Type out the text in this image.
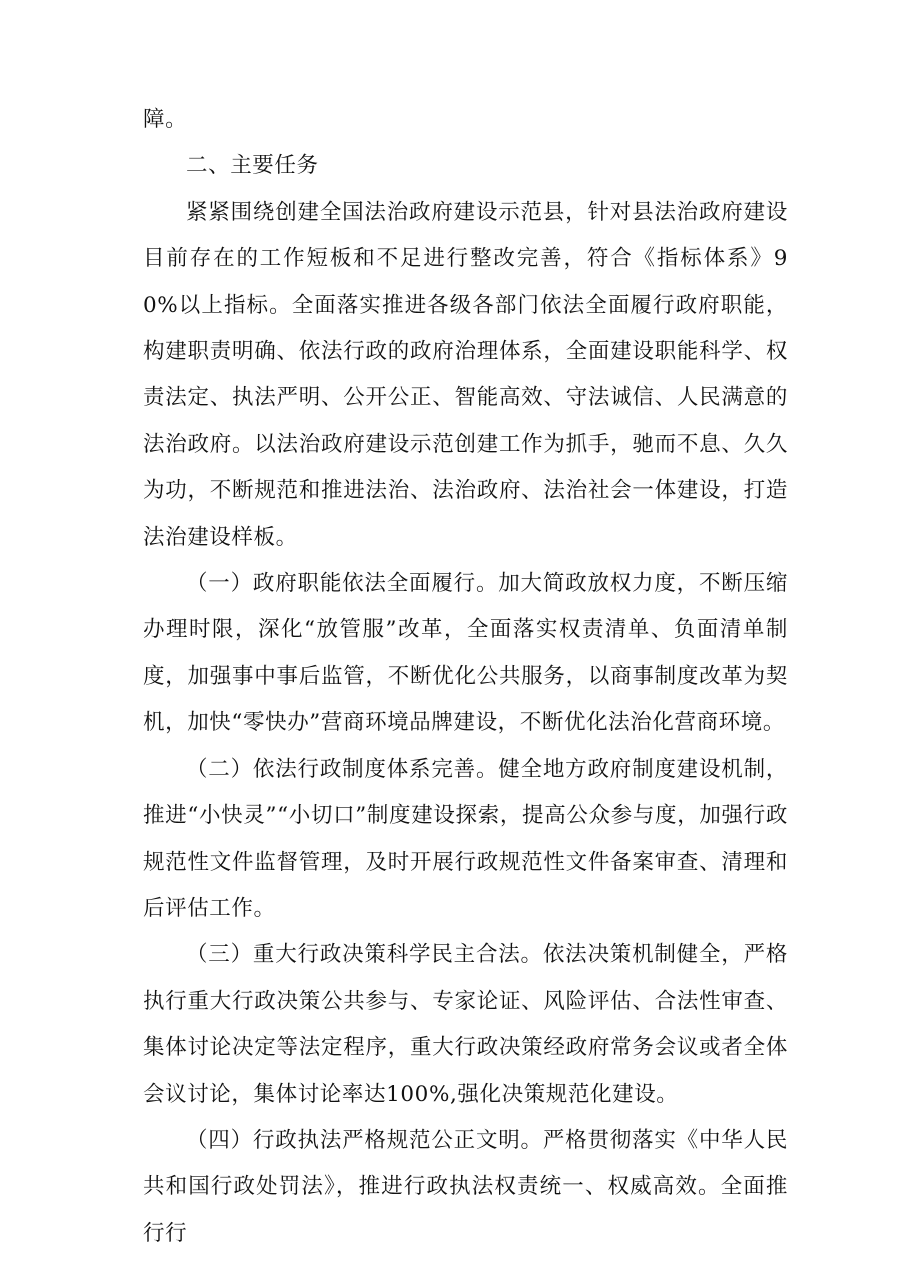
障。

二、主要任务

紧紧围绕创建全国法治政府建设示范县，针对县法治政府建设目前存在的工作短板和不足进行整改完善，符合《指标体系》90%以上指标。全面落实推进各级各部门依法全面履行政府职能，构建职责明确、依法行政的政府治理体系，全面建设职能科学、权责法定、执法严明、公开公正、智能高效、守法诚信、人民满意的法治政府。以法治政府建设示范创建工作为抓手，驰而不息、久久为功，不断规范和推进法治、法治政府、法治社会一体建设，打造法治建设样板。

（一）政府职能依法全面履行。加大简政放权力度，不断压缩办理时限，深化“放管服”改革，全面落实权责清单、负面清单制度，加强事中事后监管，不断优化公共服务，以商事制度改革为契机，加快“零快办”营商环境品牌建设，不断优化法治化营商环境。

（二）依法行政制度体系完善。健全地方政府制度建设机制，推进“小快灵”“小切口”制度建设探索，提高公众参与度，加强行政规范性文件监督管理，及时开展行政规范性文件备案审查、清理和后评估工作。

（三）重大行政决策科学民主合法。依法决策机制健全，严格执行重大行政决策公共参与、专家论证、风险评估、合法性审查、集体讨论决定等法定程序，重大行政决策经政府常务会议或者全体会议讨论，集体讨论率达100%,强化决策规范化建设。

（四）行政执法严格规范公正文明。严格贯彻落实《中华人民共和国行政处罚法》，推进行政执法权责统一、权威高效。全面推行行
